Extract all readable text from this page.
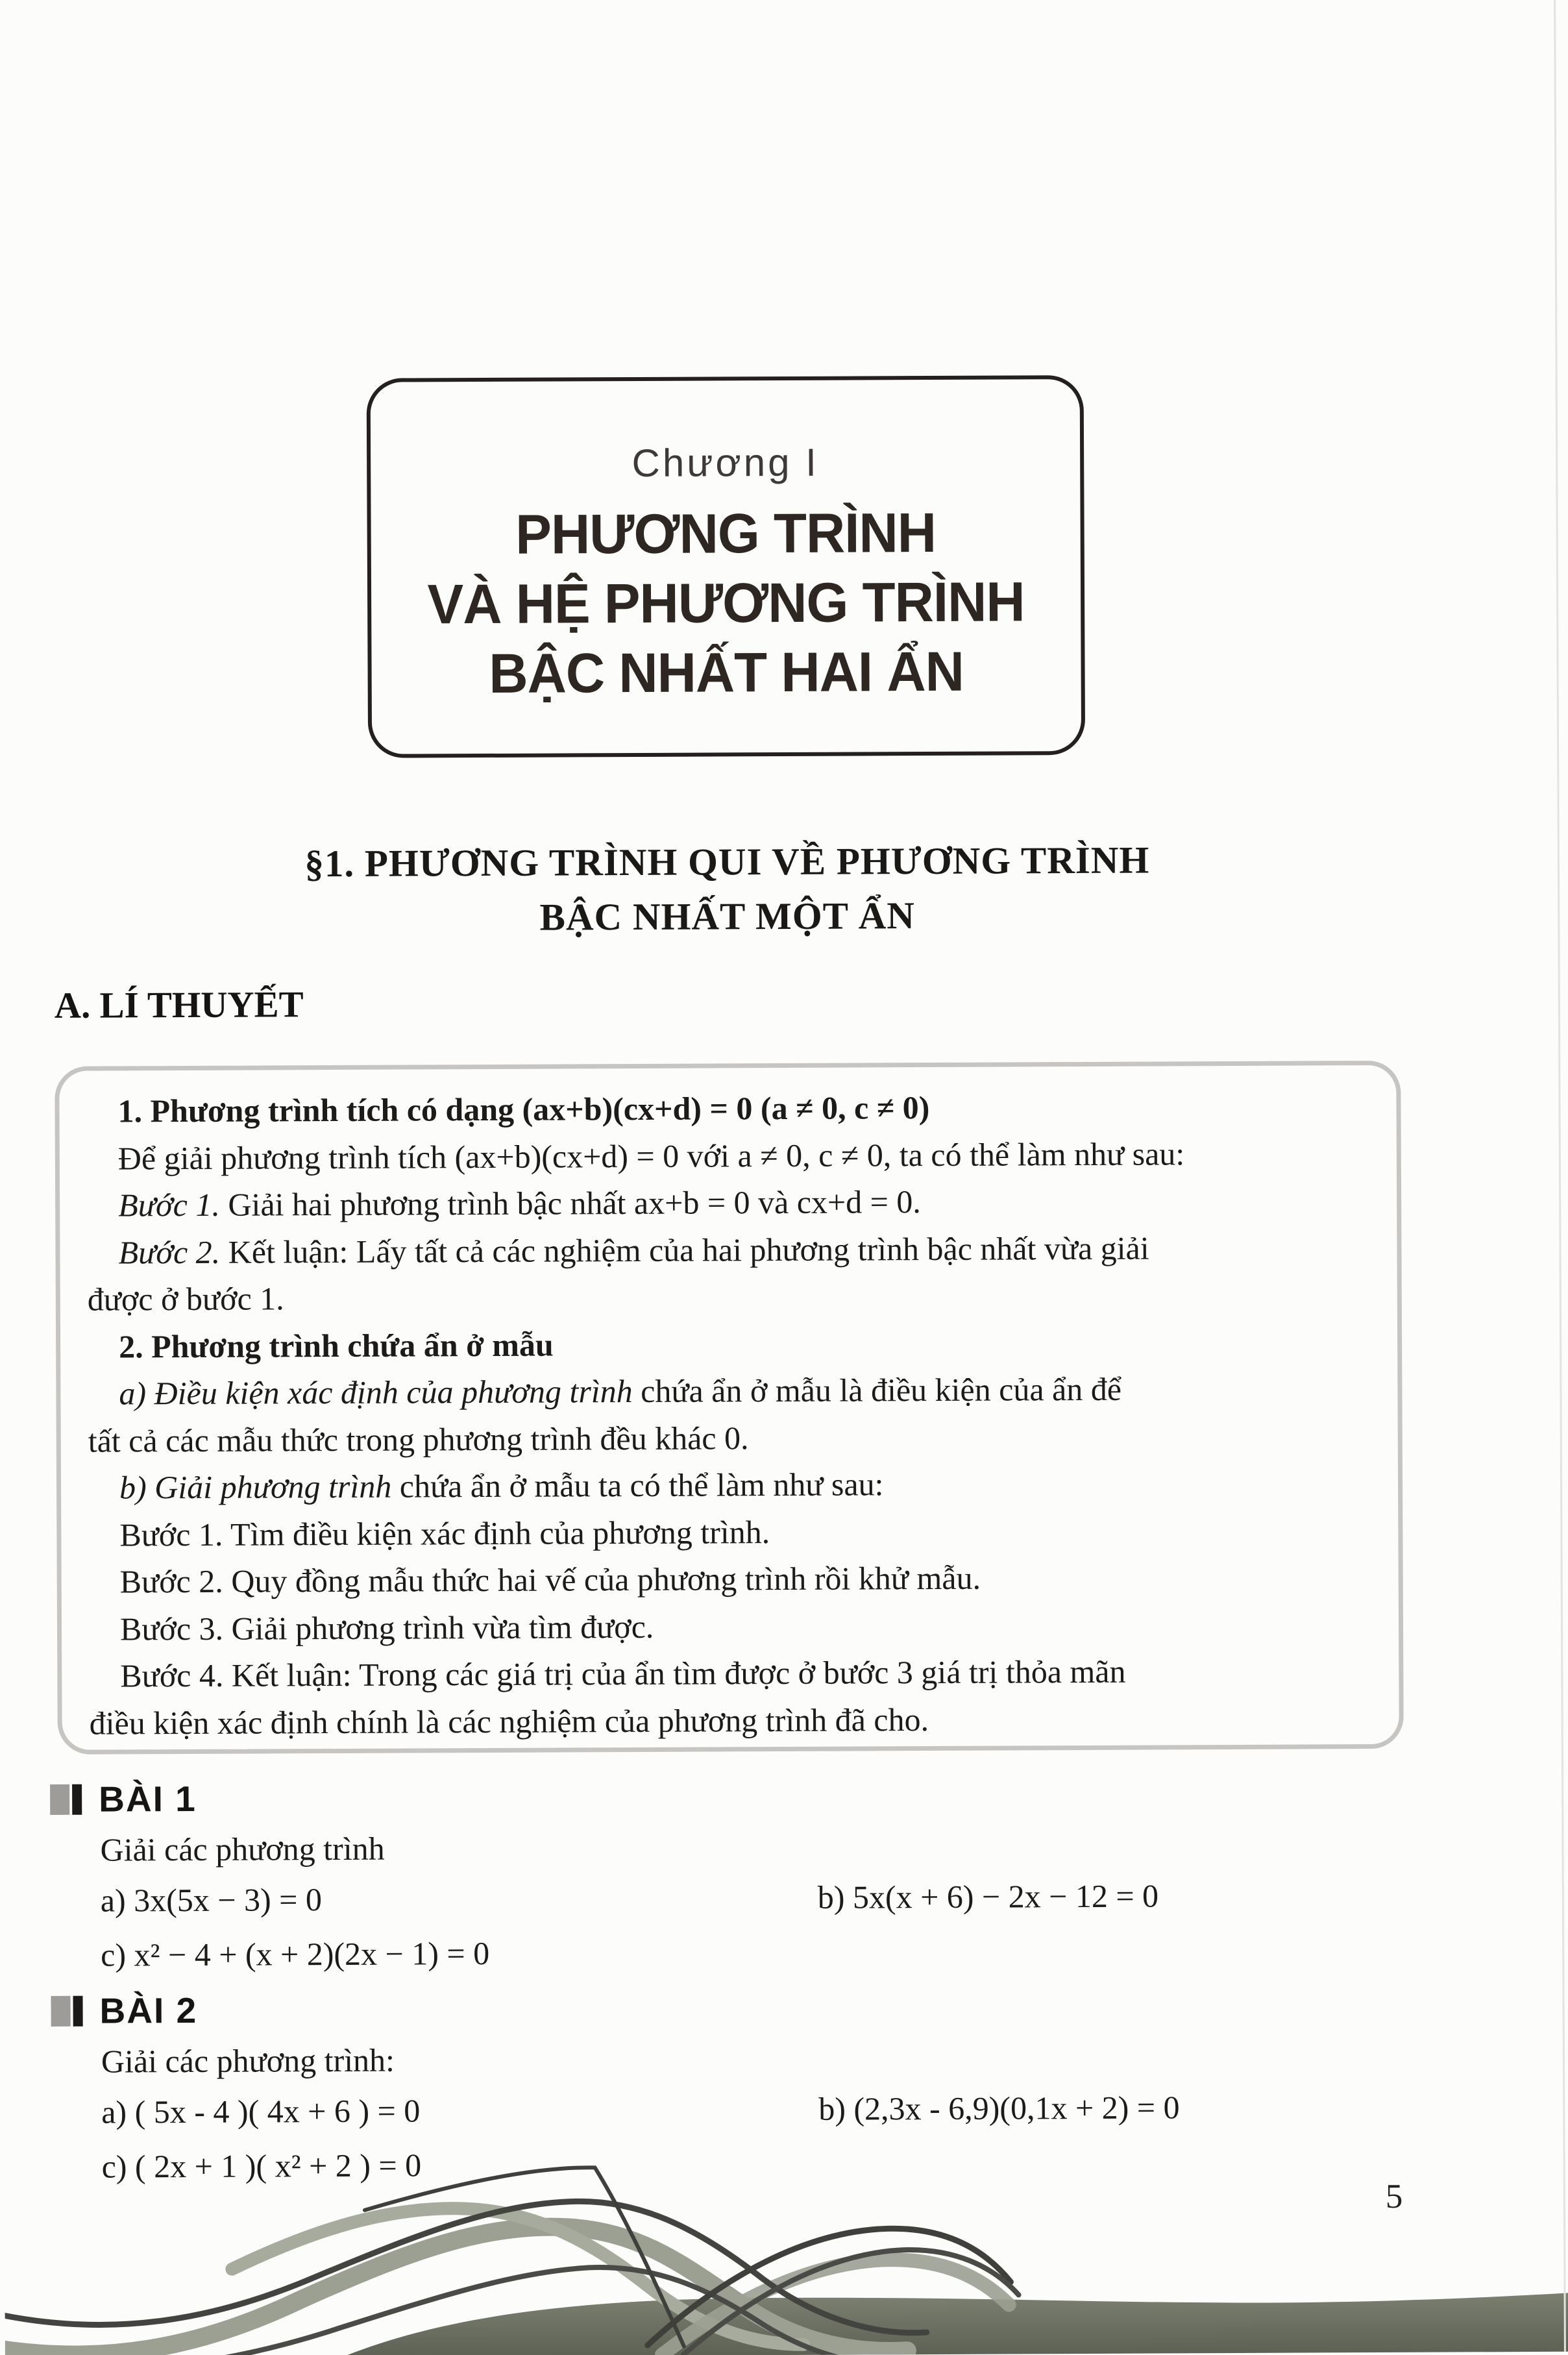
Chương I
PHƯƠNG TRÌNH
VÀ HỆ PHƯƠNG TRÌNH
BẬC NHẤT HAI ẨN
§1. PHƯƠNG TRÌNH QUI VỀ PHƯƠNG TRÌNH
BẬC NHẤT MỘT ẨN
A. LÍ THUYẾT
1. Phương trình tích có dạng (ax+b)(cx+d) = 0 (a ≠ 0, c ≠ 0)
Để giải phương trình tích (ax+b)(cx+d) = 0 với a ≠ 0, c ≠ 0, ta có thể làm như sau:
Bước 1. Giải hai phương trình bậc nhất ax+b = 0 và cx+d = 0.
Bước 2. Kết luận: Lấy tất cả các nghiệm của hai phương trình bậc nhất vừa giải
được ở bước 1.
2. Phương trình chứa ẩn ở mẫu
a) Điều kiện xác định của phương trình chứa ẩn ở mẫu là điều kiện của ẩn để
tất cả các mẫu thức trong phương trình đều khác 0.
b) Giải phương trình chứa ẩn ở mẫu ta có thể làm như sau:
Bước 1. Tìm điều kiện xác định của phương trình.
Bước 2. Quy đồng mẫu thức hai vế của phương trình rồi khử mẫu.
Bước 3. Giải phương trình vừa tìm được.
Bước 4. Kết luận: Trong các giá trị của ẩn tìm được ở bước 3 giá trị thỏa mãn
điều kiện xác định chính là các nghiệm của phương trình đã cho.
BÀI 1
Giải các phương trình
a) 3x(5x − 3) = 0	b) 5x(x + 6) − 2x − 12 = 0
c) x² − 4 + (x + 2)(2x − 1) = 0
BÀI 2
Giải các phương trình:
a) ( 5x - 4 )( 4x + 6 ) = 0	b) (2,3x - 6,9)(0,1x + 2) = 0
c) ( 2x + 1 )( x² + 2 ) = 0
5
